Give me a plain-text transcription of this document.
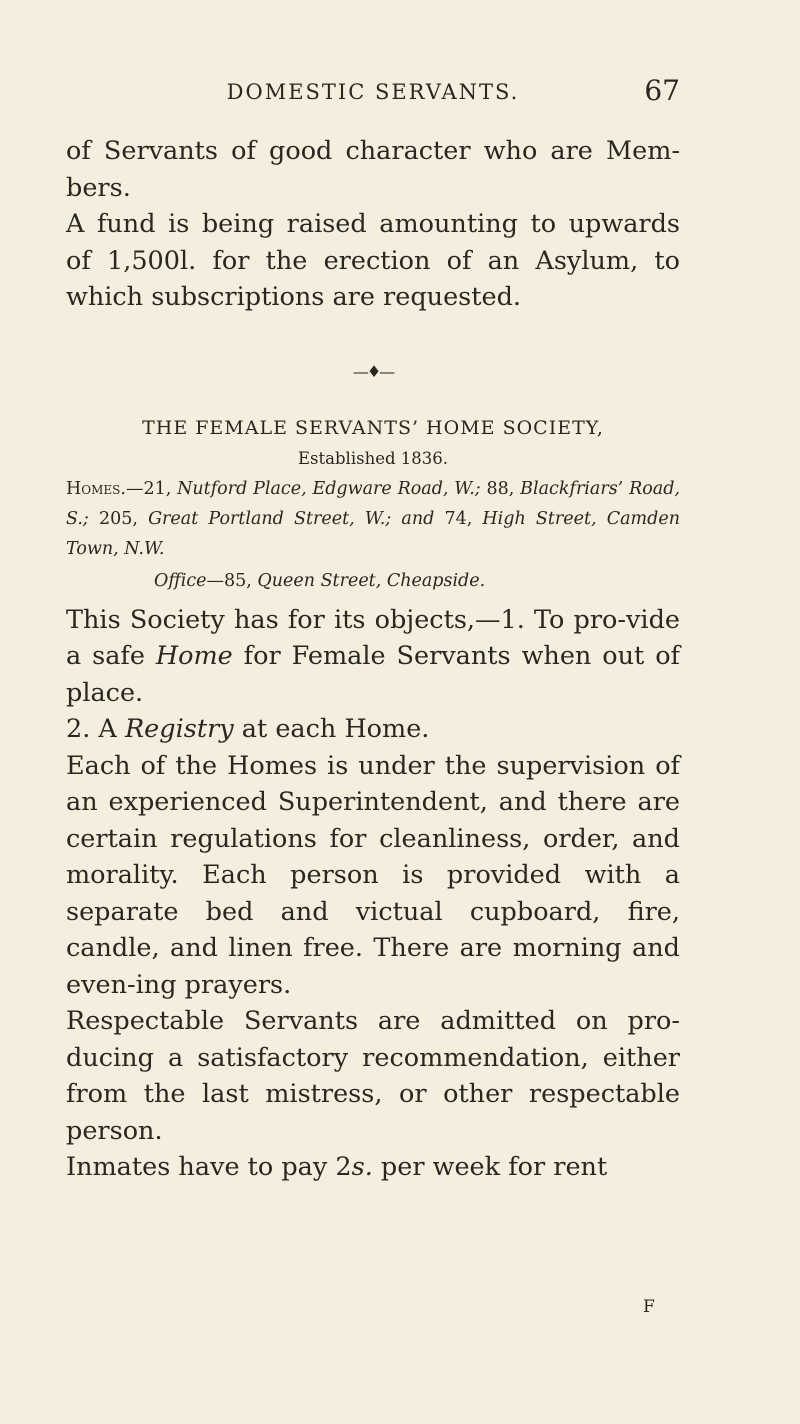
DOMESTIC SERVANTS.	67

of Servants of good character who are Mem-bers.

A fund is being raised amounting to upwards of 1,500l. for the erection of an Asylum, to which subscriptions are requested.

—♦—

THE FEMALE SERVANTS’ HOME SOCIETY,

Established 1836.

Homes.—21, Nutford Place, Edgware Road, W.; 88, Blackfriars’ Road, S.; 205, Great Portland Street, W.; and 74, High Street, Camden Town, N.W.

Office—85, Queen Street, Cheapside.

This Society has for its objects,—1. To pro-vide a safe Home for Female Servants when out of place.

2. A Registry at each Home.

Each of the Homes is under the supervision of an experienced Superintendent, and there are certain regulations for cleanliness, order, and morality. Each person is provided with a separate bed and victual cupboard, fire, candle, and linen free. There are morning and even-ing prayers.

Respectable Servants are admitted on pro-ducing a satisfactory recommendation, either from the last mistress, or other respectable person.

Inmates have to pay 2s. per week for rent

F
